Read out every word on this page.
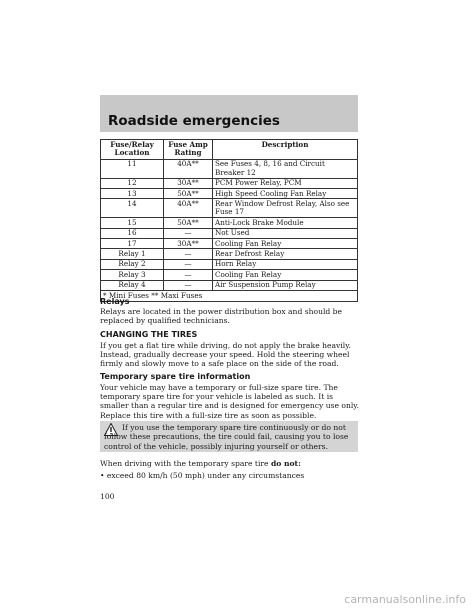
Roadside emergencies
Fuse/Relay Location	Fuse Amp Rating	Description
11	40A**	See Fuses 4, 8, 16 and Circuit Breaker 12
12	30A**	PCM Power Relay, PCM
13	50A**	High Speed Cooling Fan Relay
14	40A**	Rear Window Defrost Relay, Also see Fuse 17
15	50A**	Anti-Lock Brake Module
16	—	Not Used
17	30A**	Cooling Fan Relay
Relay 1	—	Rear Defrost Relay
Relay 2	—	Horn Relay
Relay 3	—	Cooling Fan Relay
Relay 4	—	Air Suspension Pump Relay
* Mini Fuses ** Maxi Fuses		

Relays

Relays are located in the power distribution box and should be replaced by qualified technicians.

CHANGING THE TIRES

If you get a flat tire while driving, do not apply the brake heavily. Instead, gradually decrease your speed. Hold the steering wheel firmly and slowly move to a safe place on the side of the road.

Temporary spare tire information

Your vehicle may have a temporary or full-size spare tire. The temporary spare tire for your vehicle is labeled as such. It is smaller than a regular tire and is designed for emergency use only. Replace this tire with a full-size tire as soon as possible.

If you use the temporary spare tire continuously or do not follow these precautions, the tire could fail, causing you to lose control of the vehicle, possibly injuring yourself or others.

When driving with the temporary spare tire do not:

• exceed 80 km/h (50 mph) under any circumstances
100
carmanualsonline.info
